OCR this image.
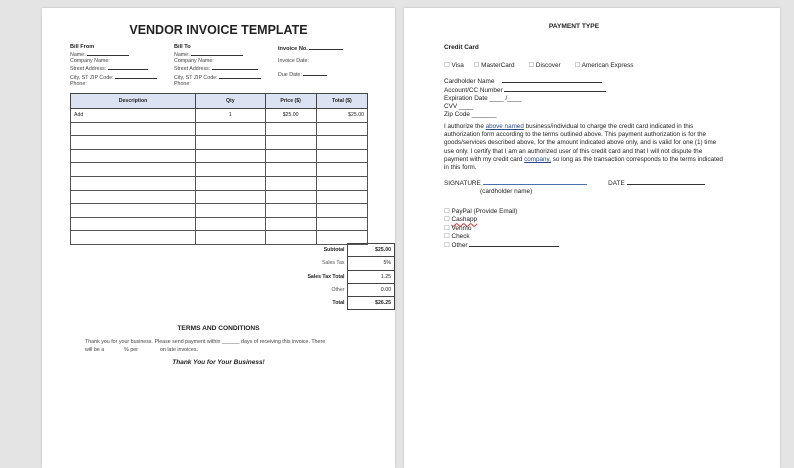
VENDOR INVOICE TEMPLATE
Bill From
Name:
Company Name:
Street Address:
City, ST ZIP Code:
Phone:
Bill To
Name:
Company Name:
Street Address:
City, ST ZIP Code:
Phone:
Invoice No.
Invoice Date:
Due Date:
Description	Qty	Price ($)	Total ($)
Add	1	$25.00	$25.00

Subtotal	$25.00
Sales Tax	5%
Sales Tax Total	1.25
Other	0.00
Total	$26.25
TERMS AND CONDITIONS
Thank you for your business. Please send payment within ______ days of receiving this invoice. There
will be a	% per	on late invoices.
Thank You for Your Business!
PAYMENT TYPE
Credit Card
☐ Visa ☐ MasterCard ☐ Discover ☐ American Express
Cardholder Name
Account/CC Number
Expiration Date ____ /____
CVV ____
Zip Code _______
I authorize the above named business/individual to charge the credit card indicated in this authorization form according to the terms outlined above. This payment authorization is for the goods/services described above, for the amount indicated above only, and is valid for one (1) time use only. I certify that I am an authorized user of this credit card and that I will not dispute the payment with my credit card company, so long as the transaction corresponds to the terms indicated in this form.
SIGNATURE	DATE
(cardholder name)
☐ PayPal (Provide Email)
☐ Cashapp
☐ Venmo
☐ Check
☐ Other
